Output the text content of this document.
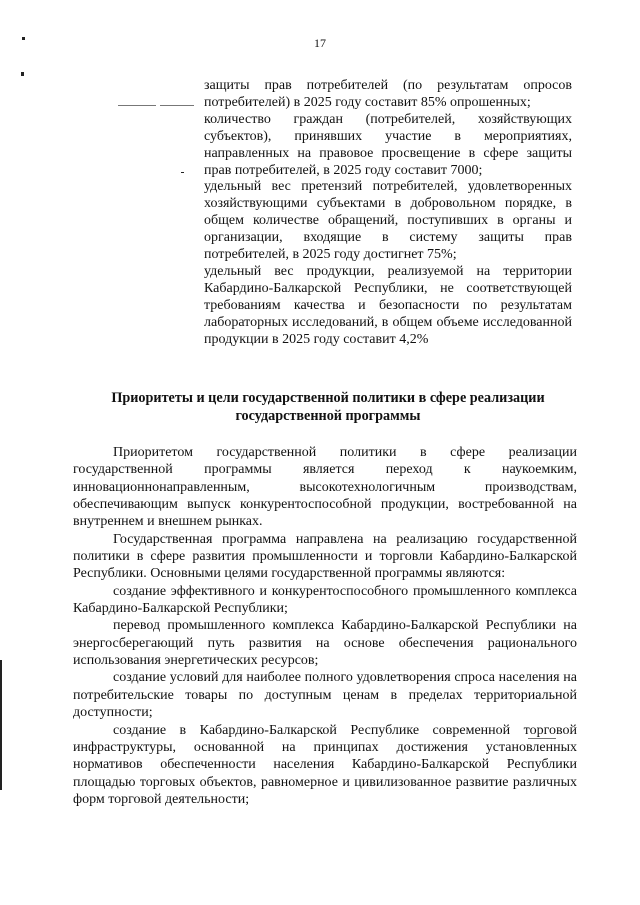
17

защиты прав потребителей (по результатам опросов потребителей) в 2025 году составит 85% опрошенных;

количество граждан (потребителей, хозяйствующих субъектов), принявших участие в мероприятиях, направленных на правовое просвещение в сфере защиты прав потребителей, в 2025 году составит 7000;

удельный вес претензий потребителей, удовлетворенных хозяйствующими субъектами в добровольном порядке, в общем количестве обращений, поступивших в органы и организации, входящие в систему защиты прав потребителей, в 2025 году достигнет 75%;

удельный вес продукции, реализуемой на территории Кабардино-Балкарской Республики, не соответствующей требованиям качества и безопасности по результатам лабораторных исследований, в общем объеме исследованной продукции в 2025 году составит 4,2%

Приоритеты и цели государственной политики в сфере реализации
государственной программы

Приоритетом государственной политики в сфере реализации государственной программы является переход к наукоемким, инновационнонаправленным, высокотехнологичным производствам, обеспечивающим выпуск конкурентоспособной продукции, востребованной на внутреннем и внешнем рынках.

Государственная программа направлена на реализацию государственной политики в сфере развития промышленности и торговли Кабардино-Балкарской Республики. Основными целями государственной программы являются:

создание эффективного и конкурентоспособного промышленного комплекса Кабардино-Балкарской Республики;

перевод промышленного комплекса Кабардино-Балкарской Республики на энергосберегающий путь развития на основе обеспечения рационального использования энергетических ресурсов;

создание условий для наиболее полного удовлетворения спроса населения на потребительские товары по доступным ценам в пределах территориальной доступности;

создание в Кабардино-Балкарской Республике современной торговой инфраструктуры, основанной на принципах достижения установленных нормативов обеспеченности населения Кабардино-Балкарской Республики площадью торговых объектов, равномерное и цивилизованное развитие различных форм торговой деятельности;
